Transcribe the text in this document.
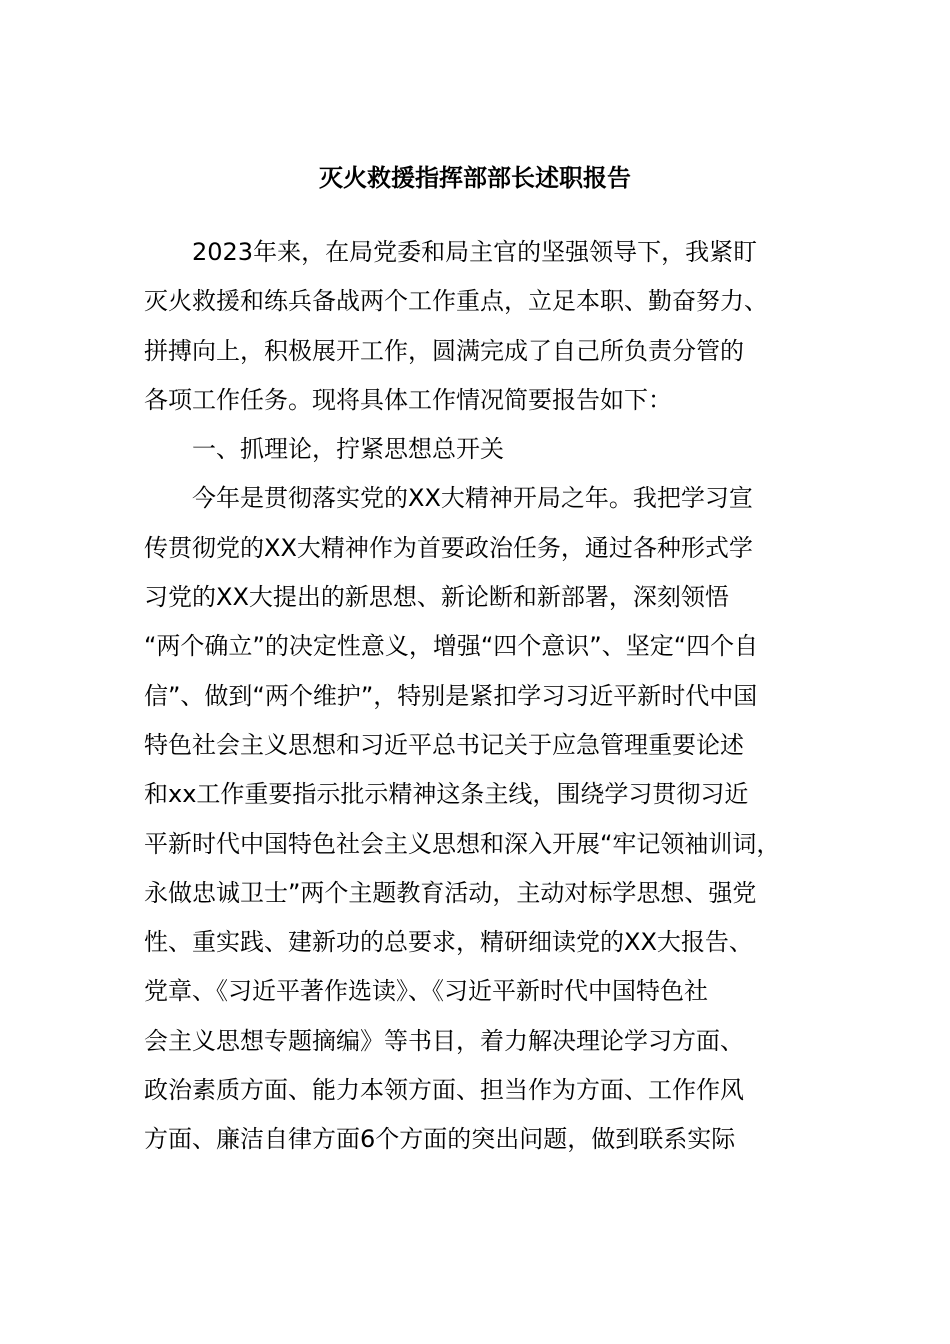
灭火救援指挥部部长述职报告
2023年来，在局党委和局主官的坚强领导下，我紧盯
灭火救援和练兵备战两个工作重点，立足本职、勤奋努力、
拼搏向上，积极展开工作，圆满完成了自己所负责分管的
各项工作任务。现将具体工作情况简要报告如下：
一、抓理论，拧紧思想总开关
今年是贯彻落实党的XX大精神开局之年。我把学习宣
传贯彻党的XX大精神作为首要政治任务，通过各种形式学
习党的XX大提出的新思想、新论断和新部署，深刻领悟
“两个确立”的决定性意义，增强“四个意识”、坚定“四个自
信”、做到“两个维护”，特别是紧扣学习习近平新时代中国
特色社会主义思想和习近平总书记关于应急管理重要论述
和xx工作重要指示批示精神这条主线，围绕学习贯彻习近
平新时代中国特色社会主义思想和深入开展“牢记领袖训词，
永做忠诚卫士”两个主题教育活动，主动对标学思想、强党
性、重实践、建新功的总要求，精研细读党的XX大报告、
党章、《习近平著作选读》、《习近平新时代中国特色社
会主义思想专题摘编》等书目，着力解决理论学习方面、
政治素质方面、能力本领方面、担当作为方面、工作作风
方面、廉洁自律方面6个方面的突出问题，做到联系实际
